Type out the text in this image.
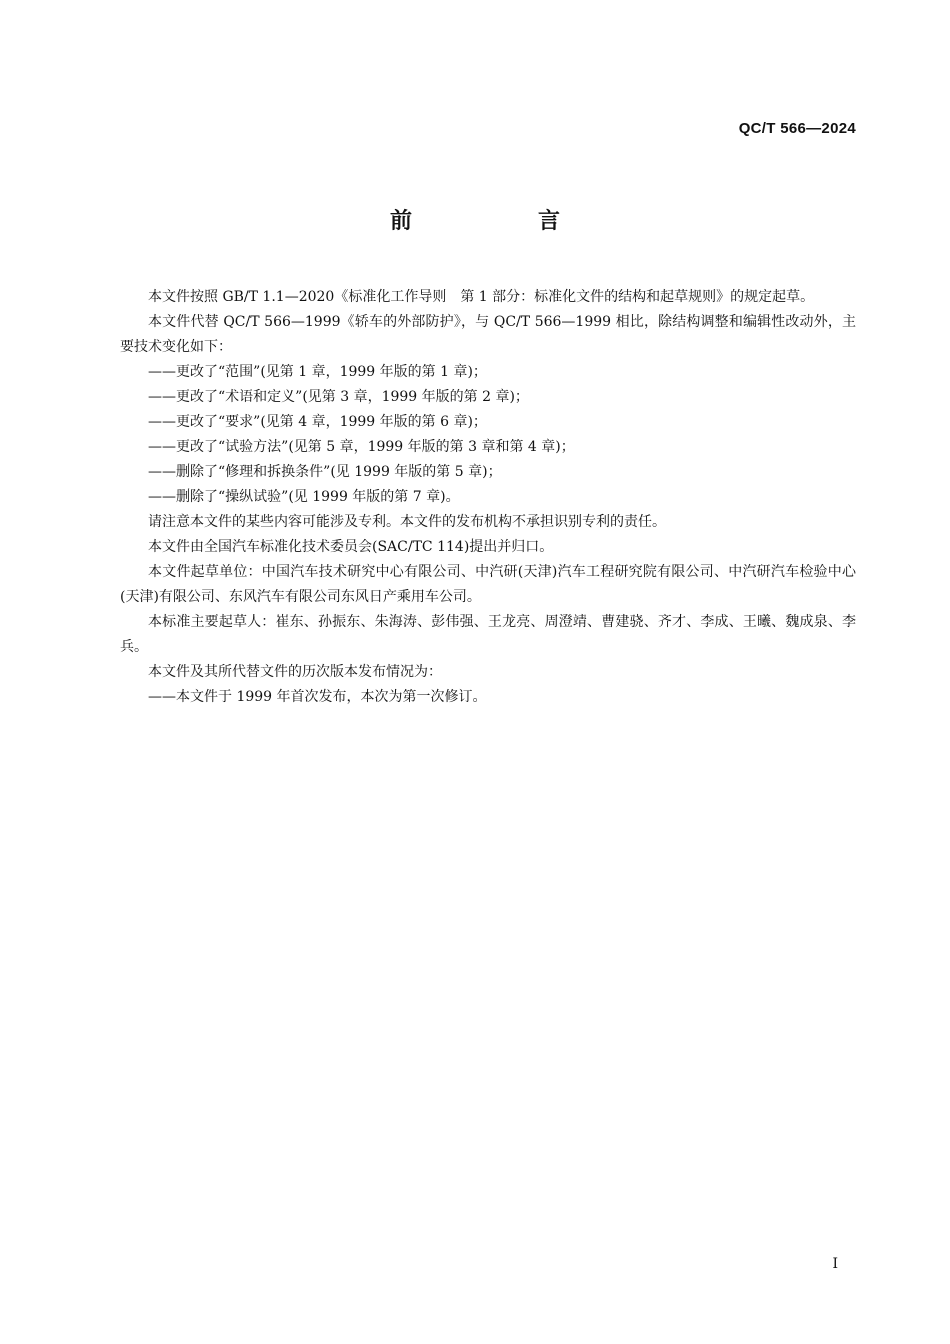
QC/T 566—2024
前　言

本文件按照 GB/T 1.1—2020《标准化工作导则　第 1 部分：标准化文件的结构和起草规则》的规定起草。

本文件代替 QC/T 566—1999《轿车的外部防护》，与 QC/T 566—1999 相比，除结构调整和编辑性改动外，主要技术变化如下：

——更改了“范围”(见第 1 章，1999 年版的第 1 章)；

——更改了“术语和定义”(见第 3 章，1999 年版的第 2 章)；

——更改了“要求”(见第 4 章，1999 年版的第 6 章)；

——更改了“试验方法”(见第 5 章，1999 年版的第 3 章和第 4 章)；

——删除了“修理和拆换条件”(见 1999 年版的第 5 章)；

——删除了“操纵试验”(见 1999 年版的第 7 章)。

请注意本文件的某些内容可能涉及专利。本文件的发布机构不承担识别专利的责任。

本文件由全国汽车标准化技术委员会(SAC/TC 114)提出并归口。

本文件起草单位：中国汽车技术研究中心有限公司、中汽研(天津)汽车工程研究院有限公司、中汽研汽车检验中心(天津)有限公司、东风汽车有限公司东风日产乘用车公司。

本标准主要起草人：崔东、孙振东、朱海涛、彭伟强、王龙亮、周澄靖、曹建骁、齐才、李成、王曦、魏成泉、李兵。

本文件及其所代替文件的历次版本发布情况为：

——本文件于 1999 年首次发布，本次为第一次修订。

I
